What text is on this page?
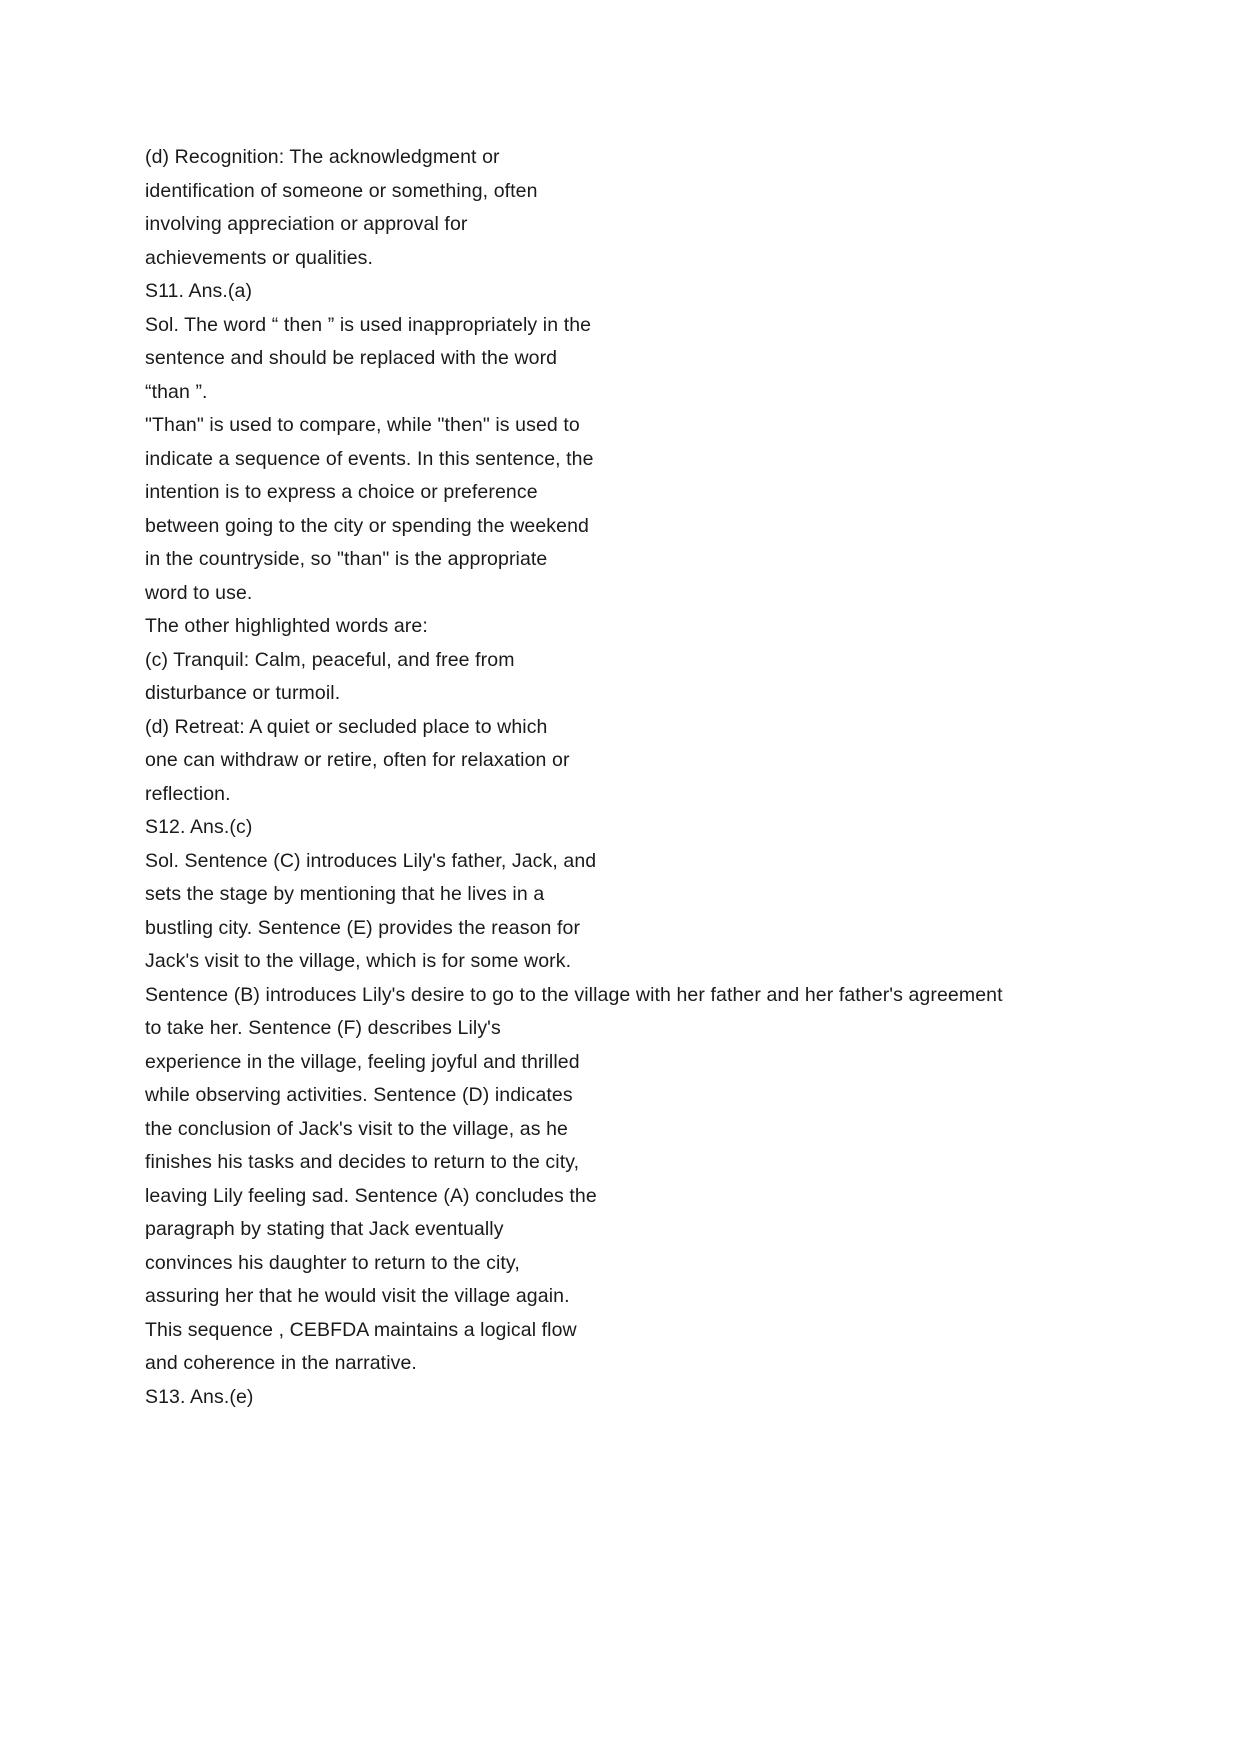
(d) Recognition: The acknowledgment or
identification of someone or something, often
involving appreciation or approval for
achievements or qualities.
S11. Ans.(a)
Sol. The word “ then ” is used inappropriately in the
sentence and should be replaced with the word
“than ”.
"Than" is used to compare, while "then" is used to
indicate a sequence of events. In this sentence, the
intention is to express a choice or preference
between going to the city or spending the weekend
in the countryside, so "than" is the appropriate
word to use.
The other highlighted words are:
(c) Tranquil: Calm, peaceful, and free from
disturbance or turmoil.
(d) Retreat: A quiet or secluded place to which
one can withdraw or retire, often for relaxation or
reflection.
S12. Ans.(c)
Sol. Sentence (C) introduces Lily's father, Jack, and
sets the stage by mentioning that he lives in a
bustling city. Sentence (E) provides the reason for
Jack's visit to the village, which is for some work.
Sentence (B) introduces Lily's desire to go to the village with her father and her father's agreement
to take her. Sentence (F) describes Lily's
experience in the village, feeling joyful and thrilled
while observing activities. Sentence (D) indicates
the conclusion of Jack's visit to the village, as he
finishes his tasks and decides to return to the city,
leaving Lily feeling sad. Sentence (A) concludes the
paragraph by stating that Jack eventually
convinces his daughter to return to the city,
assuring her that he would visit the village again.
This sequence , CEBFDA maintains a logical flow
and coherence in the narrative.
S13. Ans.(e)
